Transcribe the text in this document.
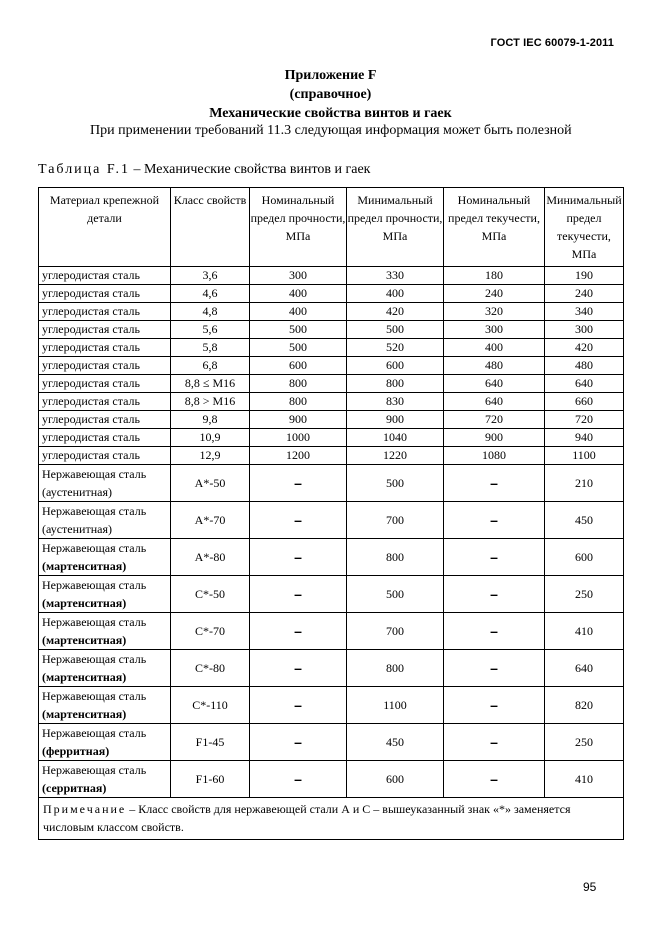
ГОСТ IEC 60079-1-2011
Приложение F
(справочное)
Механические свойства винтов и гаек
При применении требований 11.3 следующая информация может быть полезной
Таблица F.1 – Механические свойства винтов и гаек
Материал крепежной детали	Класс свойств	Номинальный предел прочности, МПа	Минимальный предел прочности, МПа	Номинальный предел текучести, МПа	Минимальный предел текучести, МПа
углеродистая сталь	3,6	300	330	180	190
углеродистая сталь	4,6	400	400	240	240
углеродистая сталь	4,8	400	420	320	340
углеродистая сталь	5,6	500	500	300	300
углеродистая сталь	5,8	500	520	400	420
углеродистая сталь	6,8	600	600	480	480
углеродистая сталь	8,8 ≤ М16	800	800	640	640
углеродистая сталь	8,8 > М16	800	830	640	660
углеродистая сталь	9,8	900	900	720	720
углеродистая сталь	10,9	1000	1040	900	940
углеродистая сталь	12,9	1200	1220	1080	1100

Нержавеющая сталь
(аустенитная)	А*-50	–	500	–	210

Нержавеющая сталь
(аустенитная)	А*-70	–	700	–	450

Нержавеющая сталь
(мартенситная)	А*-80	–	800	–	600

Нержавеющая сталь
(мартенситная)	С*-50	–	500	–	250

Нержавеющая сталь
(мартенситная)	С*-70	–	700	–	410

Нержавеющая сталь
(мартенситная)	С*-80	–	800	–	640

Нержавеющая сталь
(мартенситная)	С*-110	–	1100	–	820

Нержавеющая сталь
(ферритная)	F1-45	–	450	–	250

Нержавеющая сталь
(серритная)	F1-60	–	600	–	410
Примечание – Класс свойств для нержавеющей стали А и С – вышеуказанный знак «*» заменяется числовым классом свойств.					
95
